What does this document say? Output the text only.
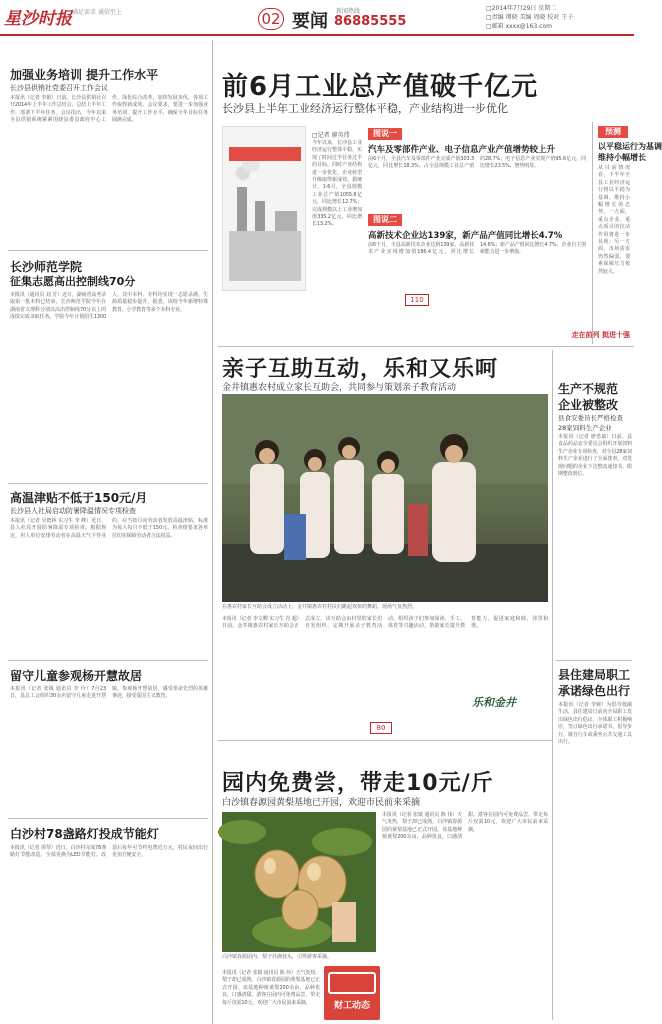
星沙时报 满足需求 诚信至上	02 要闻 新闻热线
86885555
□2014年7月29日 星期二
□责编 谭晓 美编 周晓 校对 王子
□邮箱 xxxx@163.com
加强业务培训 提升工作水平
长沙县供销社党委召开工作会议
本报讯（记者 李娟）日前，长沙县供销社召开2014年上半年工作总结会，总结上半年工作，部署下半年任务。会议指出，今年以来全县供销系统紧紧围绕县委县政府中心工作，深化综合改革，加快发展步伐，各项工作取得新成效。会议要求，要进一步加强业务培训，提升工作水平，确保全年目标任务圆满完成。
长沙师范学院
征集志愿高出控制线70分
本报讯（通讯员 刘 芳）近日，湖南省高考录取第一批本科已结束，长沙师范学院今年在湖南省文理科分别以高出控制线70分以上的成绩完成录取任务。学院今年计划招生1300人，其中本科、专科均实现一志愿录满，生源质量稳步提升。据悉，该校今年新增特殊教育、小学教育等多个本科专业。
高温津贴不低于150元/月
长沙县人社局启动防暑降温情况专项检查
本报讯（记者 吴德林 实习生 李 峰）近日，县人社局开展防暑降温专项检查。根据规定，用人单位安排劳动者在高温天气下作业的，应当按月向劳动者发放高温津贴，标准为每人每月不低于150元。检查组要求各单位切实保障劳动者合法权益。
留守儿童参观杨开慧故居
本报讯（记者 张镇 通讯员 李 玲）7月23日，县总工会组织30余名留守儿童走进开慧镇，参观杨开慧故居，感受革命先烈的英雄事迹，接受爱国主义教育。
白沙村78盏路灯投成节能灯
本报讯（记者 谭琴）近日，白沙村完成78盏路灯节能改造，全部更换为LED节能灯。改造后每年可节约电费近万元，村民夜间出行更加方便安全。
前6月工业总产值破千亿元
长沙县上半年工业经济运行整体平稳，产业结构进一步优化
□记者 廖英伟
今年以来，长沙县工业经济运行整体平稳，实现了时间过半任务过半的目标。同时产业结构进一步优化，企业转型升级取得新成效。据统计，1-6月，全县规模工业总产值1055.6亿元，同比增长12.7%；完成规模以上工业增加值335.2亿元，同比增长13.2%。
图说一
汽车及零部件产业、电子信息产业产值增势较上升
前6个月，全县汽车及零部件产业完成产值303.3亿元，同比增长18.3%，占全县规模工业总产值的28.7%；电子信息产业实现产值95.6亿元，同比增长23.5%，增势明显。
图说二
高新技术企业达139家，新产品产值同比增长4.7%
前6个月，全县高新技术企业达到139家，高新技术产业实现增加值186.4亿元，同比增长14.6%；新产品产值同比增长4.7%，企业自主创新能力进一步增强。
110
预测
以平稳运行为基调
维持小幅增长
从目前情况看，下半年全县工业经济运行将以平稳为基调，维持小幅增长的态势。一方面，重点企业、重点项目的拉动作用将进一步显现；另一方面，市场需求仍然偏弱，要素保障压力依然较大。
走在前列 挺进十强
亲子互助互动，乐和又乐呵
金井镇惠农村成立家长互助会，共同参与策划亲子教育活动
在惠农村家长互助会成立活动上，金井镇惠农村村民们跳起欢快的舞蹈，现场气氛热烈。
生产不规范
企业被整改
县食安委员长严格检查
28家饲料生产企业
本报讯（记者 廖勇斌）日前，县食品药品安全委员会组织开展饲料生产企业专项检查，对全县28家饲料生产企业进行了全面排查，对发现问题的企业下达整改通知书，限期整改到位。
县住建局职工
承诺绿色出行
本报讯（记者 李婉）为倡导低碳生活，县住建局日前向全局职工发出绿色出行倡议，全体职工积极响应，签订绿色出行承诺书，倡导步行、骑自行车或乘坐公共交通工具出行。
本报讯（记者 李文卿 实习生 肖 超）日前，金井镇惠农村家长互助会正式成立。该互助会由村里的家长们自发组织，定期开展亲子教育活动，组织孩子们参加阅读、手工、体育等兴趣活动，帮助家长提升教育能力，促进家庭和睦、邻里和谐。
乐和金井
80
园内免费尝，带走10元/斤
白沙镇春源园黄梨基地已开园，欢迎市民前来采摘
白沙镇春源园内，梨子挂满枝头，引得游客采摘。
本报讯（记者 张镇 通讯员 陈 伟）天气炎热，梨子却已成熟，白沙镇春源园的黄梨基地已正式开园。该基地种植黄梨200余亩，品种优良，口感清甜。游客在园内可免费品尝，带走每斤仅需10元，欢迎广大市民前来采摘。
本报讯（记者 张镇 通讯员 陈 伟）天气炎热，梨子却已成熟，白沙镇春源园的黄梨基地已正式开园。该基地种植黄梨200余亩，品种优良，口感清甜。游客在园内可免费品尝，带走每斤仅需10元，欢迎广大市民前来采摘。	财工动态
